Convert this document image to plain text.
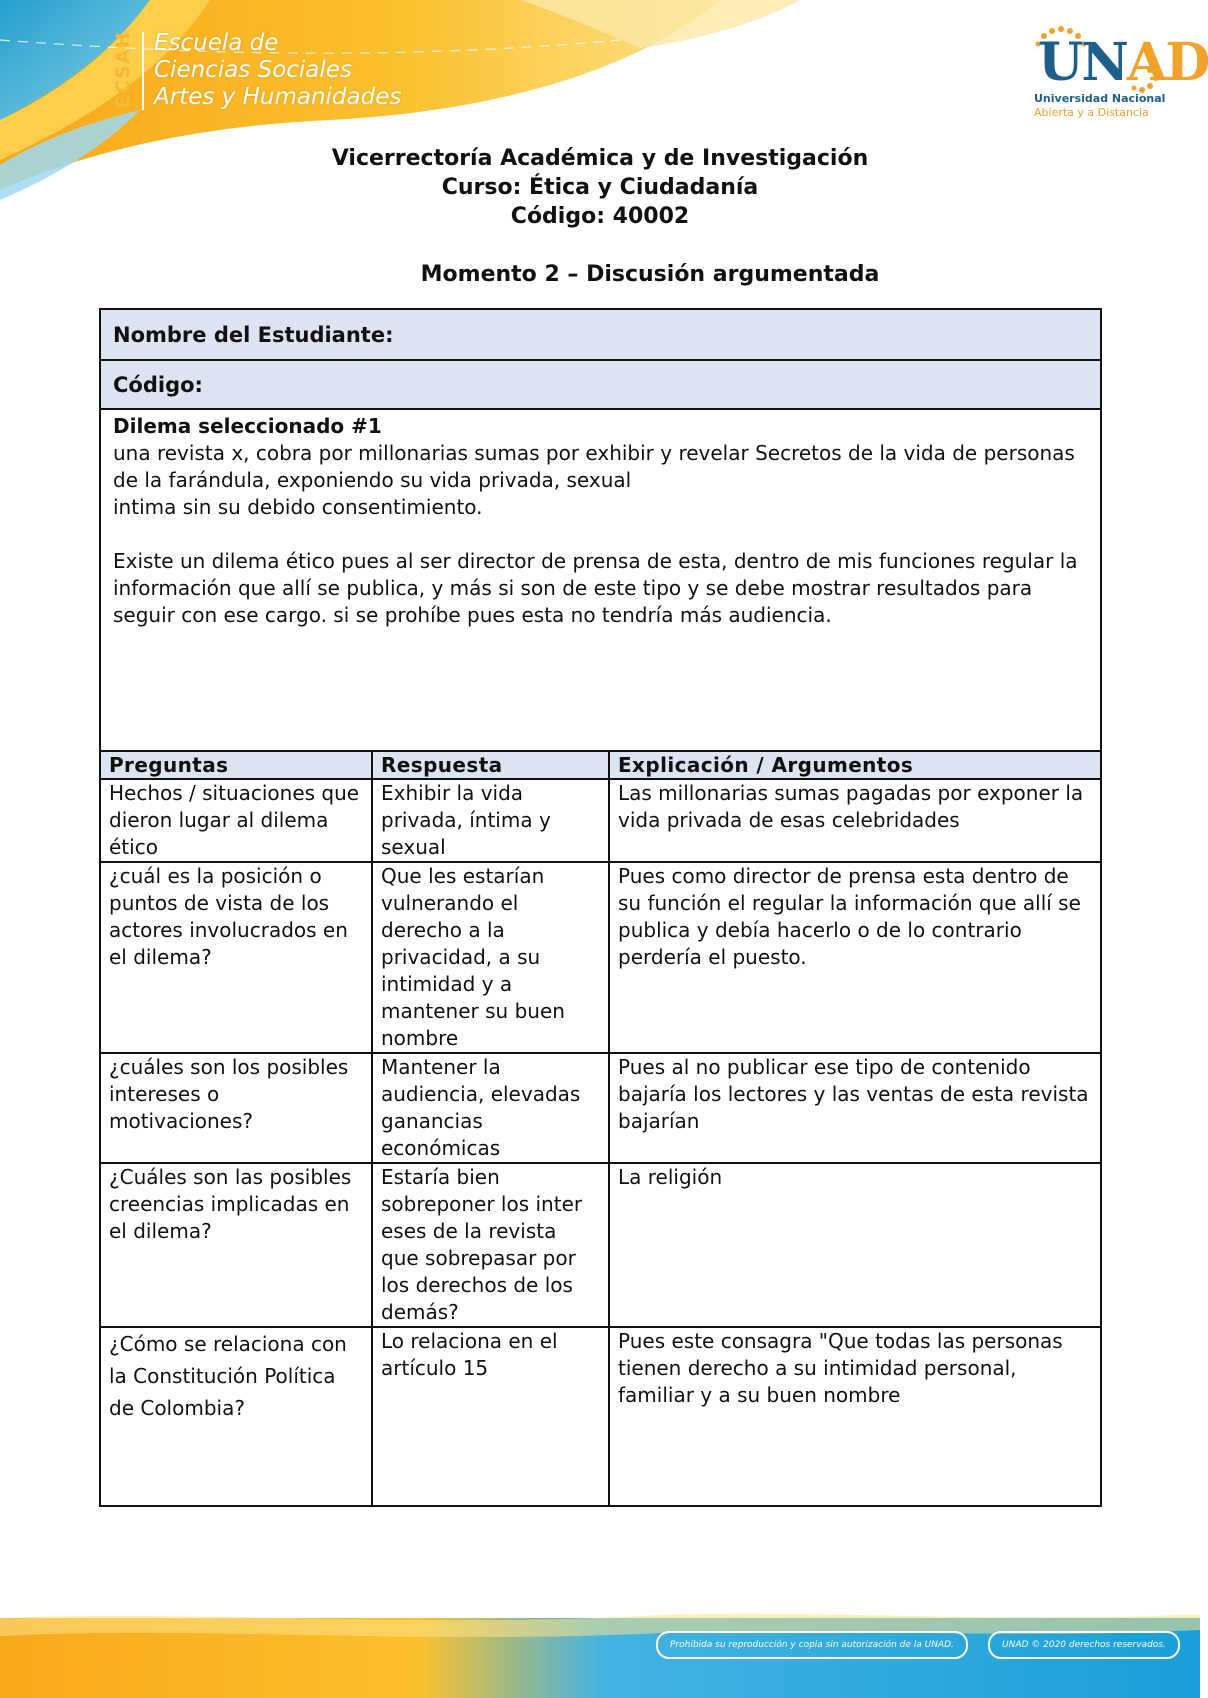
ECSAH Escuela de
Ciencias Sociales
Artes y Humanidades
UNAD
Universidad Nacional
Abierta y a Distancia
Vicerrectoría Académica y de Investigación
Curso: Ética y Ciudadanía
Código: 40002
Momento 2 – Discusión argumentada
Nombre del Estudiante:
Código:

Dilema seleccionado #1

una revista x, cobra por millonarias sumas por exhibir y revelar Secretos de la vida de personas de la farándula, exponiendo su vida privada, sexual

intima sin su debido consentimiento.

Existe un dilema ético pues al ser director de prensa de esta, dentro de mis funciones regular la información que allí se publica, y más si son de este tipo y se debe mostrar resultados para seguir con ese cargo. si se prohíbe pues esta no tendría más audiencia.

Preguntas	Respuesta	Explicación / Argumentos
Hechos / situaciones que dieron lugar al dilema ético	Exhibir la vida privada, íntima y sexual	Las millonarias sumas pagadas por exponer la vida privada de esas celebridades
¿cuál es la posición o puntos de vista de los actores involucrados en el dilema?	Que les estarían vulnerando el derecho a la privacidad, a su intimidad y a mantener su buen nombre	Pues como director de prensa esta dentro de su función el regular la información que allí se publica y debía hacerlo o de lo contrario perdería el puesto.
¿cuáles son los posibles intereses o motivaciones?	Mantener la audiencia, elevadas ganancias económicas	Pues al no publicar ese tipo de contenido bajaría los lectores y las ventas de esta revista bajarían
¿Cuáles son las posibles creencias implicadas en el dilema?	Estaría bien sobreponer los inter eses de la revista que sobrepasar por los derechos de los demás?	La religión
¿Cómo se relaciona con la Constitución Política de Colombia?	Lo relaciona en el artículo 15	Pues este consagra "Que todas las personas tienen derecho a su intimidad personal, familiar y a su buen nombre
Prohibida su reproducción y copia sin autorización de la UNAD.	UNAD © 2020 derechos reservados.
